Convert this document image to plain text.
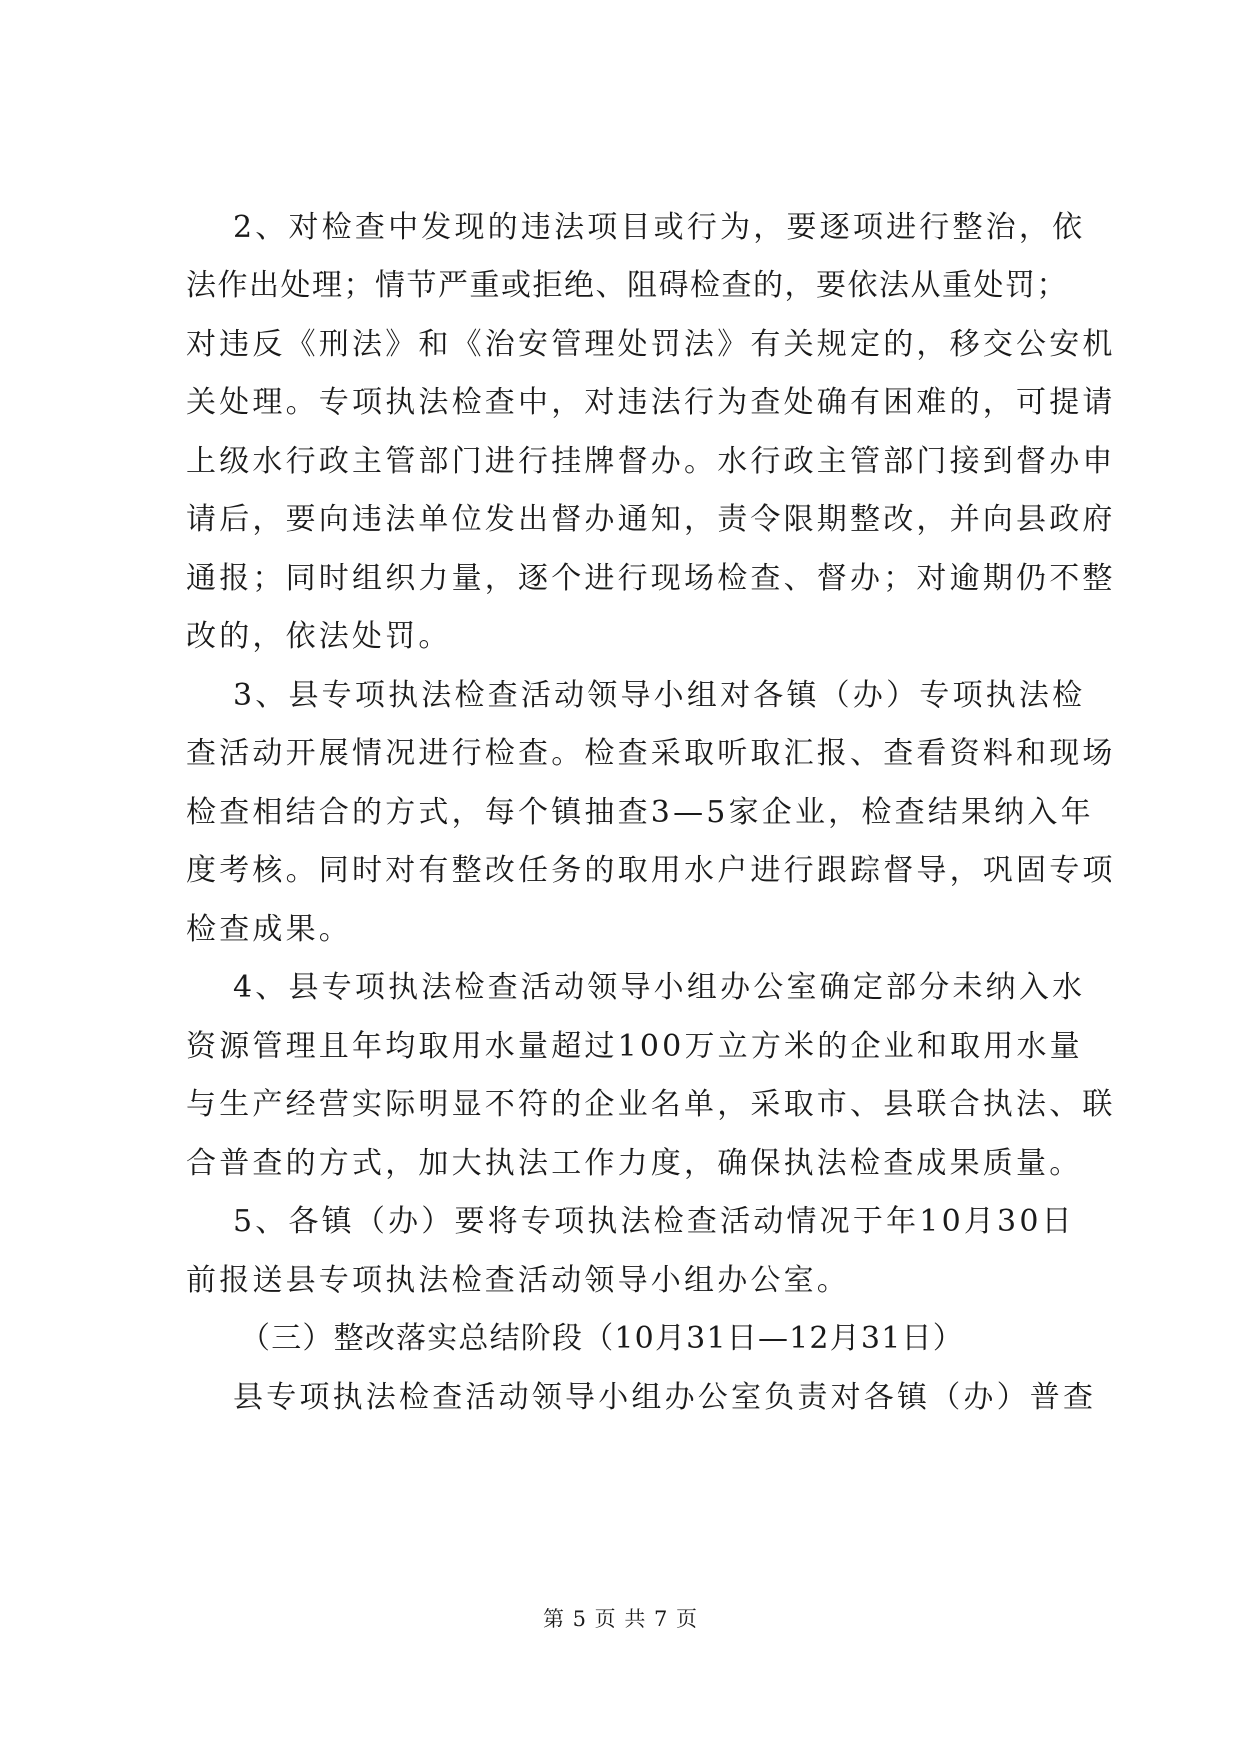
2、对检查中发现的违法项目或行为，要逐项进行整治，依
法作出处理；情节严重或拒绝、阻碍检查的，要依法从重处罚；
对违反《刑法》和《治安管理处罚法》有关规定的，移交公安机
关处理。专项执法检查中，对违法行为查处确有困难的，可提请
上级水行政主管部门进行挂牌督办。水行政主管部门接到督办申
请后，要向违法单位发出督办通知，责令限期整改，并向县政府
通报；同时组织力量，逐个进行现场检查、督办；对逾期仍不整
改的，依法处罚。
3、县专项执法检查活动领导小组对各镇（办）专项执法检
查活动开展情况进行检查。检查采取听取汇报、查看资料和现场
检查相结合的方式，每个镇抽查3—5家企业，检查结果纳入年
度考核。同时对有整改任务的取用水户进行跟踪督导，巩固专项
检查成果。
4、县专项执法检查活动领导小组办公室确定部分未纳入水
资源管理且年均取用水量超过100万立方米的企业和取用水量
与生产经营实际明显不符的企业名单，采取市、县联合执法、联
合普查的方式，加大执法工作力度，确保执法检查成果质量。
5、各镇（办）要将专项执法检查活动情况于年10月30日
前报送县专项执法检查活动领导小组办公室。
（三）整改落实总结阶段（10月31日—12月31日）
县专项执法检查活动领导小组办公室负责对各镇（办）普查
第 5 页 共 7 页
